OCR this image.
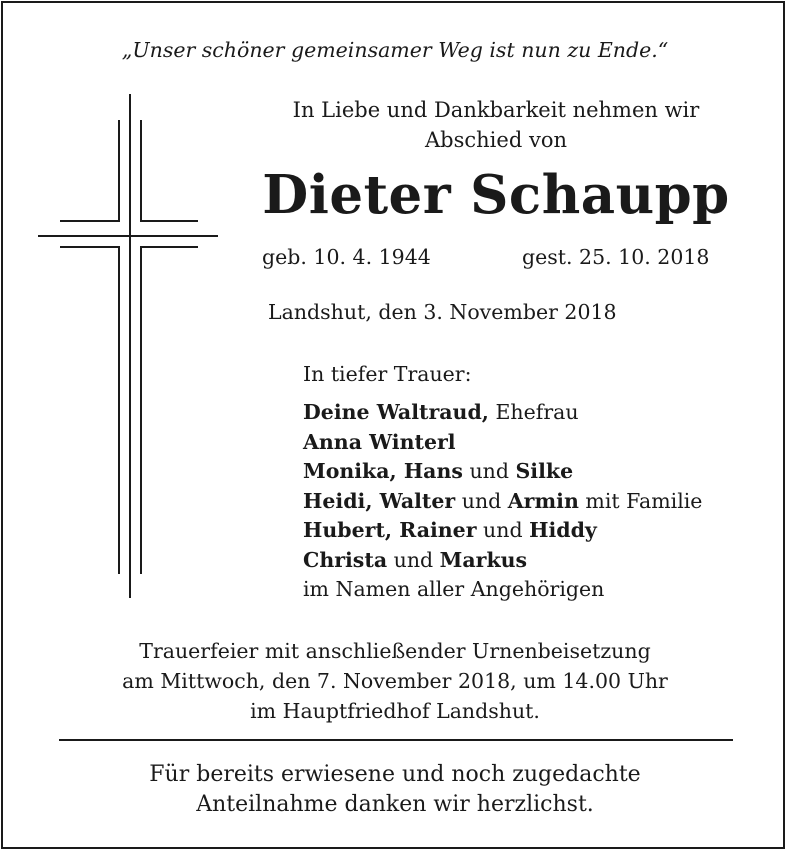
„Unser schöner gemeinsamer Weg ist nun zu Ende.“
In Liebe und Dankbarkeit nehmen wir
Abschied von
Dieter Schaupp
geb. 10. 4. 1944	gest. 25. 10. 2018
Landshut, den 3. November 2018
In tiefer Trauer:
Deine Waltraud, Ehefrau
Anna Winterl
Monika, Hans und Silke
Heidi, Walter und Armin mit Familie
Hubert, Rainer und Hiddy
Christa und Markus
im Namen aller Angehörigen
Trauerfeier mit anschließender Urnenbeisetzung
am Mittwoch, den 7. November 2018, um 14.00 Uhr
im Hauptfriedhof Landshut.
Für bereits erwiesene und noch zugedachte
Anteilnahme danken wir herzlichst.
